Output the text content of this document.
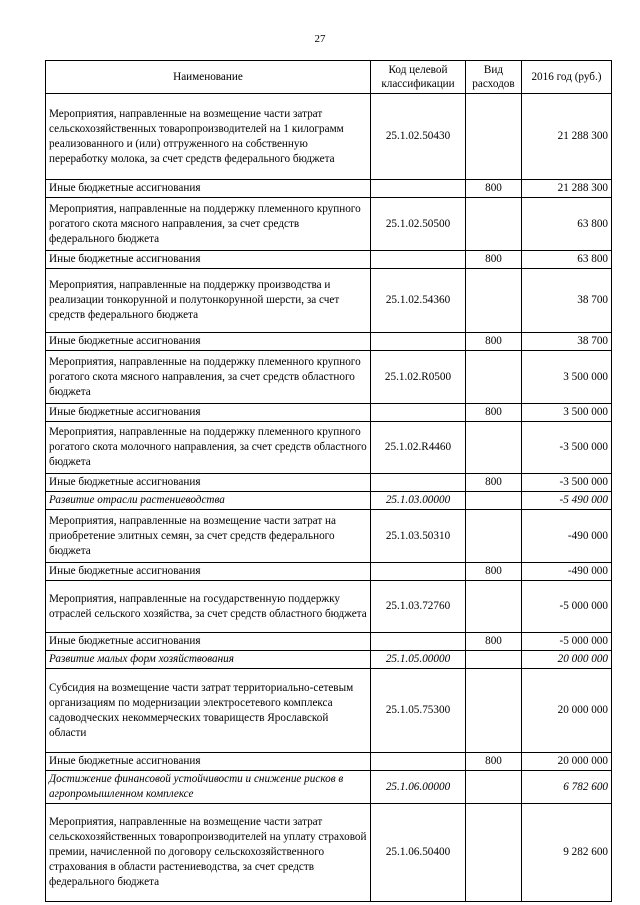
27
Наименование	Код целевой классификации	Вид расходов	2016 год (руб.)
Мероприятия, направленные на возмещение части затрат сельскохозяйственных товаропроизводителей на 1 килограмм реализованного и (или) отгруженного на собственную переработку молока, за счет средств федерального бюджета	25.1.02.50430		21 288 300
Иные бюджетные ассигнования		800	21 288 300
Мероприятия, направленные на поддержку племенного крупного рогатого скота мясного направления, за счет средств федерального бюджета	25.1.02.50500		63 800
Иные бюджетные ассигнования		800	63 800
Мероприятия, направленные на поддержку производства и реализации тонкорунной и полутонкорунной шерсти, за счет средств федерального бюджета	25.1.02.54360		38 700
Иные бюджетные ассигнования		800	38 700
Мероприятия, направленные на поддержку племенного крупного рогатого скота мясного направления, за счет средств областного бюджета	25.1.02.R0500		3 500 000
Иные бюджетные ассигнования		800	3 500 000
Мероприятия, направленные на поддержку племенного крупного рогатого скота молочного направления, за счет средств областного бюджета	25.1.02.R4460		-3 500 000
Иные бюджетные ассигнования		800	-3 500 000
Развитие отрасли растениеводства	25.1.03.00000		-5 490 000
Мероприятия, направленные на возмещение части затрат на приобретение элитных семян, за счет средств федерального бюджета	25.1.03.50310		-490 000
Иные бюджетные ассигнования		800	-490 000
Мероприятия, направленные на государственную поддержку отраслей сельского хозяйства, за счет средств областного бюджета	25.1.03.72760		-5 000 000
Иные бюджетные ассигнования		800	-5 000 000
Развитие малых форм хозяйствования	25.1.05.00000		20 000 000
Субсидия на возмещение части затрат территориально-сетевым организациям по модернизации электросетевого комплекса садоводческих некоммерческих товариществ Ярославской области	25.1.05.75300		20 000 000
Иные бюджетные ассигнования		800	20 000 000
Достижение финансовой устойчивости и снижение рисков в агропромышленном комплексе	25.1.06.00000		6 782 600
Мероприятия, направленные на возмещение части затрат сельскохозяйственных товаропроизводителей на уплату страховой премии, начисленной по договору сельскохозяйственного страхования в области растениеводства, за счет средств федерального бюджета	25.1.06.50400		9 282 600
